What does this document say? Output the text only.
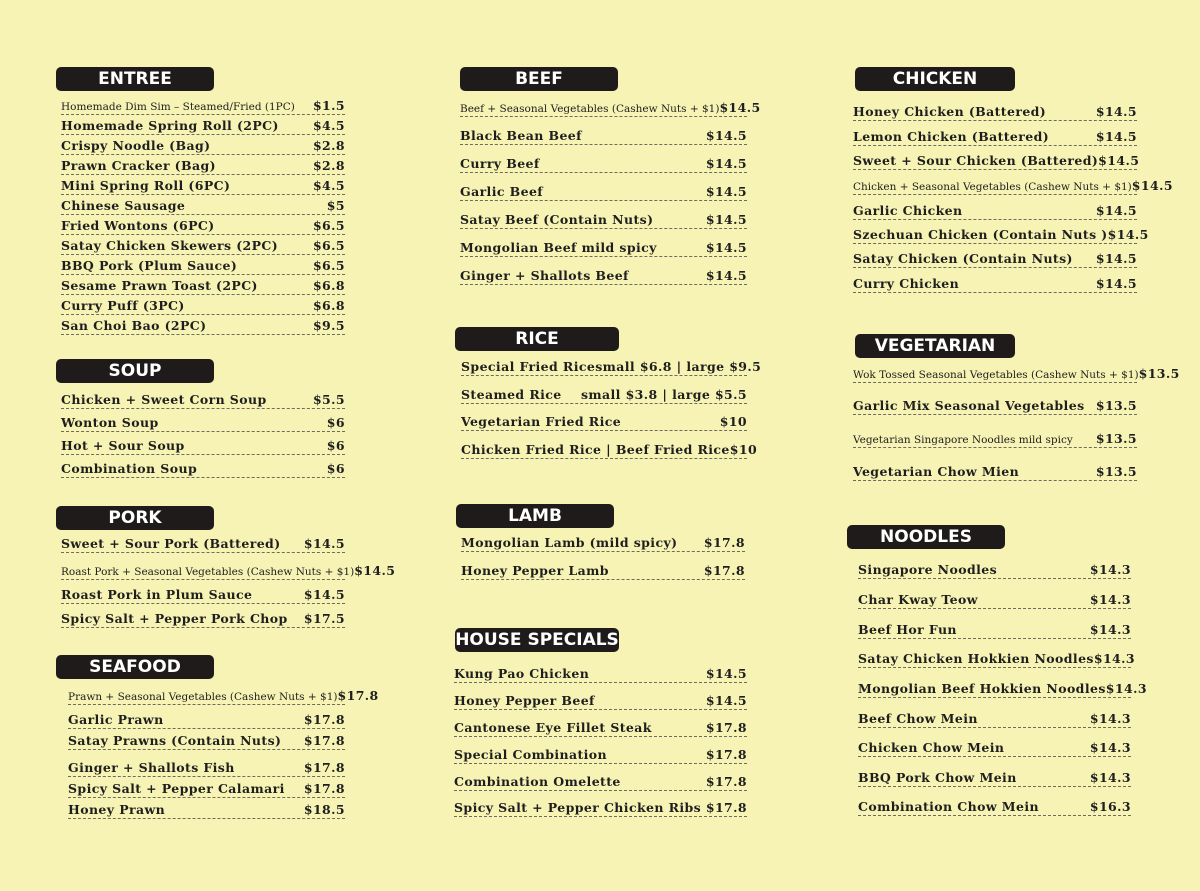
ENTREE
Homemade Dim Sim – Steamed/Fried (1PC) $1.5
Homemade Spring Roll (2PC)	$4.5
Crispy Noodle (Bag)	$2.8
Prawn Cracker (Bag)	$2.8
Mini Spring Roll (6PC)	$4.5
Chinese Sausage	$5
Fried Wontons (6PC)	$6.5
Satay Chicken Skewers (2PC)	$6.5
BBQ Pork (Plum Sauce)	$6.5
Sesame Prawn Toast (2PC)	$6.8
Curry Puff (3PC)	$6.8
San Choi Bao (2PC)	$9.5
SOUP
Chicken + Sweet Corn Soup	$5.5
Wonton Soup	$6
Hot + Sour Soup	$6
Combination Soup	$6
PORK
Sweet + Sour Pork (Battered) $14.5
Roast Pork + Seasonal Vegetables (Cashew Nuts + $1) $14.5
Roast Pork in Plum Sauce	$14.5
Spicy Salt + Pepper Pork Chop $17.5
SEAFOOD
Prawn + Seasonal Vegetables (Cashew Nuts + $1) $17.8
Garlic Prawn	$17.8
Satay Prawns (Contain Nuts) $17.8
Ginger + Shallots Fish	$17.8
Spicy Salt + Pepper Calamari $17.8
Honey Prawn	$18.5
BEEF
Beef + Seasonal Vegetables (Cashew Nuts + $1) $14.5
Black Bean Beef	$14.5
Curry Beef	$14.5
Garlic Beef	$14.5
Satay Beef (Contain Nuts)	$14.5
Mongolian Beef mild spicy	$14.5
Ginger + Shallots Beef	$14.5
RICE
Special Fried Rice small $6.8 | large $9.5
Steamed Rice small $3.8 | large $5.5
Vegetarian Fried Rice	$10
Chicken Fried Rice | Beef Fried Rice $10
LAMB
Mongolian Lamb (mild spicy) $17.8
Honey Pepper Lamb	$17.8
HOUSE SPECIALS
Kung Pao Chicken	$14.5
Honey Pepper Beef	$14.5
Cantonese Eye Fillet Steak	$17.8
Special Combination	$17.8
Combination Omelette	$17.8
Spicy Salt + Pepper Chicken Ribs $17.8
CHICKEN
Honey Chicken (Battered)	$14.5
Lemon Chicken (Battered)	$14.5
Sweet + Sour Chicken (Battered) $14.5
Chicken + Seasonal Vegetables (Cashew Nuts + $1) $14.5
Garlic Chicken	$14.5
Szechuan Chicken (Contain Nuts ) $14.5
Satay Chicken (Contain Nuts) $14.5
Curry Chicken	$14.5
VEGETARIAN
Wok Tossed Seasonal Vegetables (Cashew Nuts + $1) $13.5
Garlic Mix Seasonal Vegetables $13.5
Vegetarian Singapore Noodles mild spicy $13.5
Vegetarian Chow Mien	$13.5
NOODLES
Singapore Noodles	$14.3
Char Kway Teow	$14.3
Beef Hor Fun	$14.3
Satay Chicken Hokkien Noodles $14.3
Mongolian Beef Hokkien Noodles $14.3
Beef Chow Mein	$14.3
Chicken Chow Mein	$14.3
BBQ Pork Chow Mein	$14.3
Combination Chow Mein	$16.3
